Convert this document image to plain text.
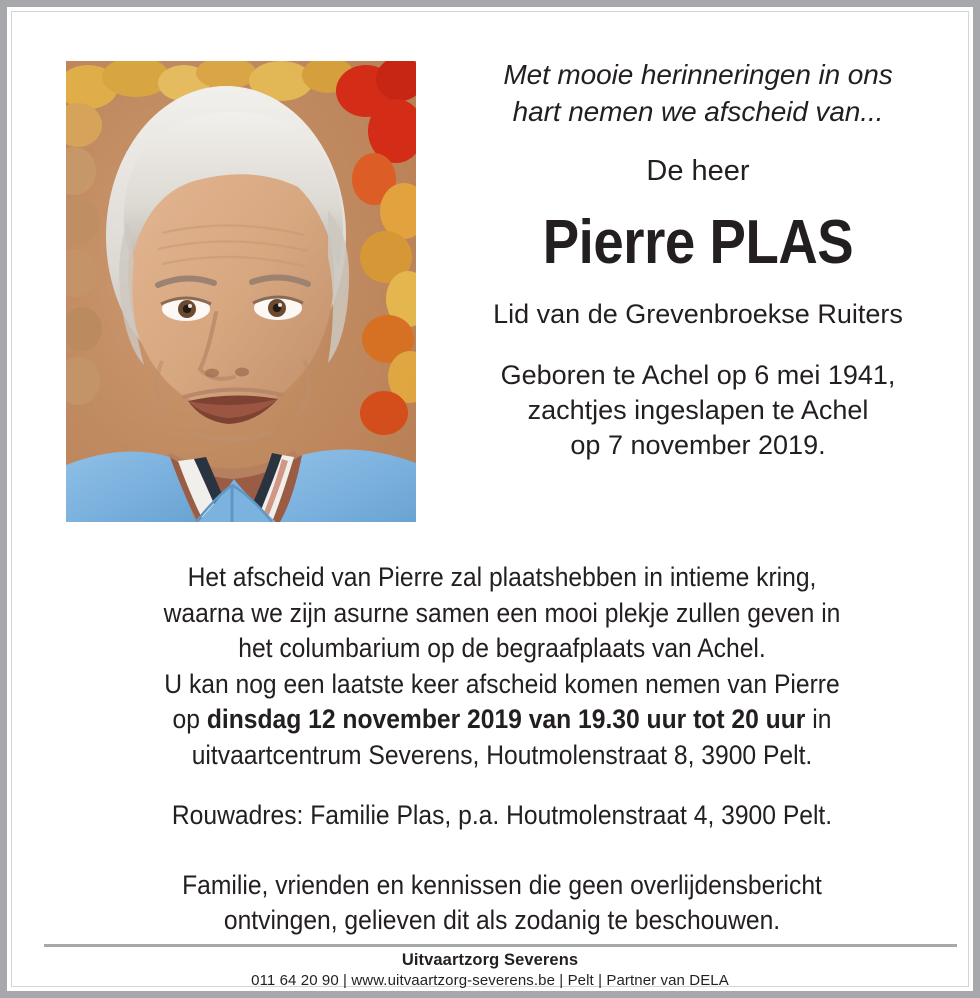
Met mooie herinneringen in ons
hart nemen we afscheid van...
De heer
Pierre PLAS
Lid van de Grevenbroekse Ruiters
Geboren te Achel op 6 mei 1941,
zachtjes ingeslapen te Achel
op 7 november 2019.
Het afscheid van Pierre zal plaatshebben in intieme kring,
waarna we zijn asurne samen een mooi plekje zullen geven in
het columbarium op de begraafplaats van Achel.
U kan nog een laatste keer afscheid komen nemen van Pierre
op dinsdag 12 november 2019 van 19.30 uur tot 20 uur in
uitvaartcentrum Severens, Houtmolenstraat 8, 3900 Pelt.
Rouwadres: Familie Plas, p.a. Houtmolenstraat 4, 3900 Pelt.
Familie, vrienden en kennissen die geen overlijdensbericht
ontvingen, gelieven dit als zodanig te beschouwen.
Uitvaartzorg Severens
011 64 20 90 | www.uitvaartzorg-severens.be | Pelt | Partner van DELA
